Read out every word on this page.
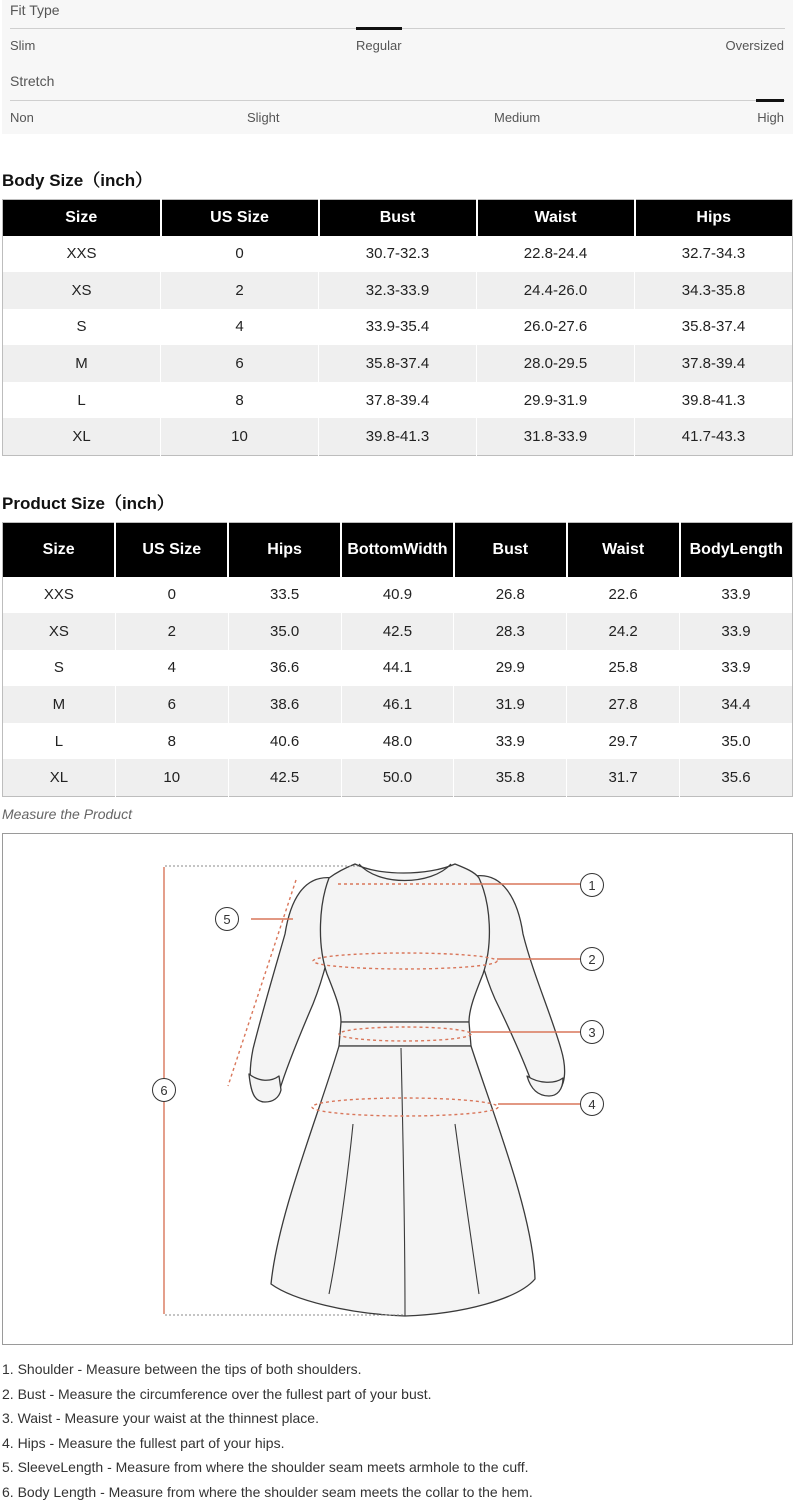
Fit Type
Slim	Regular	Oversized
Stretch
Non	Slight	Medium	High
Body Size（inch）
Size	US Size	Bust	Waist	Hips
XXS	0	30.7-32.3	22.8-24.4	32.7-34.3
XS	2	32.3-33.9	24.4-26.0	34.3-35.8
S	4	33.9-35.4	26.0-27.6	35.8-37.4
M	6	35.8-37.4	28.0-29.5	37.8-39.4
L	8	37.8-39.4	29.9-31.9	39.8-41.3
XL	10	39.8-41.3	31.8-33.9	41.7-43.3
Product Size（inch）
Size	US Size	Hips	BottomWidth	Bust	Waist	BodyLength
XXS	0	33.5	40.9	26.8	22.6	33.9
XS	2	35.0	42.5	28.3	24.2	33.9
S	4	36.6	44.1	29.9	25.8	33.9
M	6	38.6	46.1	31.9	27.8	34.4
L	8	40.6	48.0	33.9	29.7	35.0
XL	10	42.5	50.0	35.8	31.7	35.6
Measure the Product
1
2
3
4
5
6
1. Shoulder - Measure between the tips of both shoulders.
2. Bust - Measure the circumference over the fullest part of your bust.
3. Waist - Measure your waist at the thinnest place.
4. Hips - Measure the fullest part of your hips.
5. SleeveLength - Measure from where the shoulder seam meets armhole to the cuff.
6. Body Length - Measure from where the shoulder seam meets the collar to the hem.
